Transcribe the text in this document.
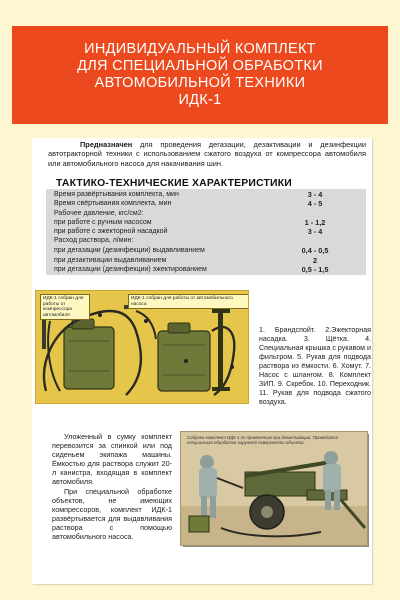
ИНДИВИДУАЛЬНЫЙ КОМПЛЕКТ
ДЛЯ СПЕЦИАЛЬНОЙ ОБРАБОТКИ
АВТОМОБИЛЬНОЙ ТЕХНИКИ
ИДК-1
Предназначен для проведения дегазации, дезактивации и дезинфекции автотракторной техники с использованием сжатого воздуха от компрессора автомобиля или автомобильного насоса для накачивания шин.
ТАКТИКО-ТЕХНИЧЕСКИЕ ХАРАКТЕРИСТИКИ
Время развёртывания комплекта, мин	3 - 4
Время свёртывания комплекта, мин	4 - 5
Рабочее давление, кгс/см2:
при работе с ручным насосом	1 - 1,2
при работе с эжекторной насадкой	3 - 4
Расход раствора, л/мин:
при дегазации (дезинфекции) выдавливанием	0,4 - 0,5
при дезактивации выдавливанием	2
при дегазации (дезинфекции) эжектированием	0,5 - 1,5
ИДК-1 собран для работы от компрессора автомобиля
ИДК-1 собран для работы от автомобильного насоса
1. Брандспойт. 2.Эжекторная насадка. 3. Щётка. 4. Специальная крышка с рукавом и фильтром. 5. Рукав для подвода раствора из ёмкости. 6. Хомут. 7. Насос с шлангом. 8. Комплект ЗИП. 9. Скребок. 10. Переходник. 11. Рукав для подвода сжатого воздуха.
Уложенный в сумку комплект перевозится за спинкой или под сиденьем экипажа машины. Ёмкостью для раствора служит 20-л канистра, входящая в комплект автомобиля.
При специальной обработке объектов, не имеющих компрессоров, комплект ИДК-1 развёртывается для выдавливания раствора с помощью автомобильного насоса.
Собрано комплект ИДК-1 по применению при дезактивации. Проводится специальная обработка наружной поверхности объекта.
